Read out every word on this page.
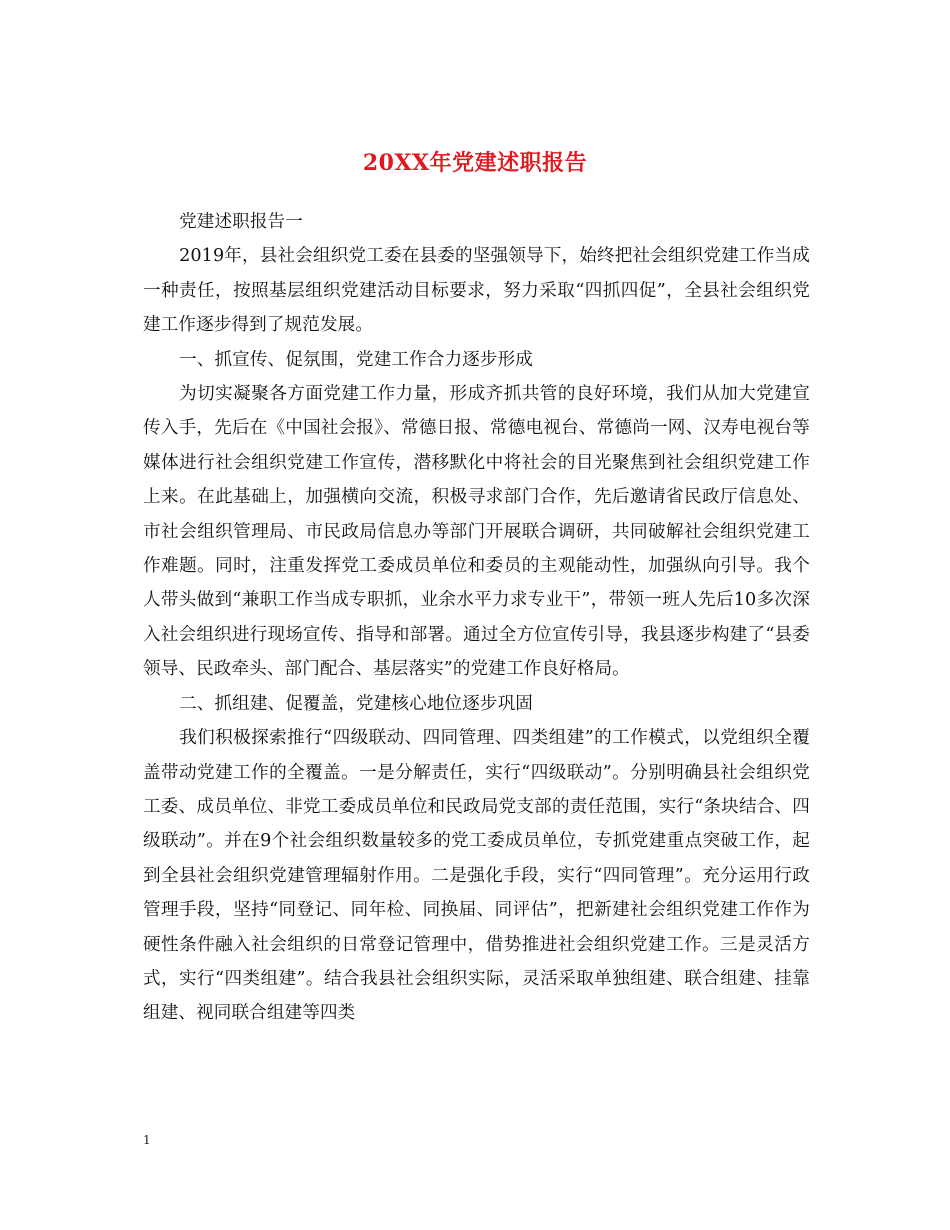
20XX年党建述职报告

党建述职报告一

2019年，县社会组织党工委在县委的坚强领导下，始终把社会组织党建工作当成一种责任，按照基层组织党建活动目标要求，努力采取“四抓四促”，全县社会组织党建工作逐步得到了规范发展。

一、抓宣传、促氛围，党建工作合力逐步形成

为切实凝聚各方面党建工作力量，形成齐抓共管的良好环境，我们从加大党建宣传入手，先后在《中国社会报》、常德日报、常德电视台、常德尚一网、汉寿电视台等媒体进行社会组织党建工作宣传，潜移默化中将社会的目光聚焦到社会组织党建工作上来。在此基础上，加强横向交流，积极寻求部门合作，先后邀请省民政厅信息处、市社会组织管理局、市民政局信息办等部门开展联合调研，共同破解社会组织党建工作难题。同时，注重发挥党工委成员单位和委员的主观能动性，加强纵向引导。我个人带头做到“兼职工作当成专职抓，业余水平力求专业干”，带领一班人先后10多次深入社会组织进行现场宣传、指导和部署。通过全方位宣传引导，我县逐步构建了“县委领导、民政牵头、部门配合、基层落实”的党建工作良好格局。

二、抓组建、促覆盖，党建核心地位逐步巩固

我们积极探索推行“四级联动、四同管理、四类组建”的工作模式，以党组织全覆盖带动党建工作的全覆盖。一是分解责任，实行“四级联动”。分别明确县社会组织党工委、成员单位、非党工委成员单位和民政局党支部的责任范围，实行“条块结合、四级联动”。并在9个社会组织数量较多的党工委成员单位，专抓党建重点突破工作，起到全县社会组织党建管理辐射作用。二是强化手段，实行“四同管理”。充分运用行政管理手段，坚持“同登记、同年检、同换届、同评估”，把新建社会组织党建工作作为硬性条件融入社会组织的日常登记管理中，借势推进社会组织党建工作。三是灵活方式，实行“四类组建”。结合我县社会组织实际，灵活采取单独组建、联合组建、挂靠组建、视同联合组建等四类

1
